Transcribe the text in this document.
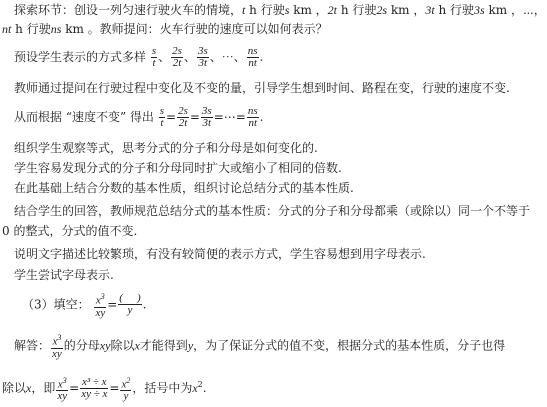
探索环节：创设一列匀速行驶火车的情境，t h 行驶s km ，2t h 行驶2s km ，3t h 行驶3s km ，⋯，
nt h 行驶ns km 。教师提问：火车行驶的速度可以如何表示？
预设学生表示的方式多样 $\frac{s}{t}$ 、 $\frac{2s}{2t}$ 、 $\frac{3s}{3t}$ 、⋯、 $\frac{ns}{nt}$ .
教师通过提问在行驶过程中变化及不变的量，引导学生想到时间、路程在变，行驶的速度不变.
从而根据 “速度不变” 得出 $\frac{s}{t} = \frac{2s}{2t} = \frac{3s}{3t}$ =⋯= $\frac{ns}{nt}$ .
组织学生观察等式，思考分式的分子和分母是如何变化的.
学生容易发现分式的分子和分母同时扩大或缩小了相同的倍数.
在此基础上结合分数的基本性质，组织讨论总结分式的基本性质.
结合学生的回答，教师规范总结分式的基本性质：分式的分子和分母都乘（或除以）同一个不等于
0 的整式，分式的值不变.
说明文字描述比较繁琐，有没有较简便的表示方式，学生容易想到用字母表示.
学生尝试字母表示.
（3）填空： $\frac{x^3}{xy} = \frac{( )}{y}$ .
解答： $\frac{x^3}{xy}$ 的分母xy除以x才能得到y，为了保证分式的值不变，根据分式的基本性质，分子也得
除以x，即 $\frac{x^3}{xy} = \frac{\text{x³ ÷ x}}{xy \div x} = \frac{x^2}{y}$ ，括号中为$x^2$.
